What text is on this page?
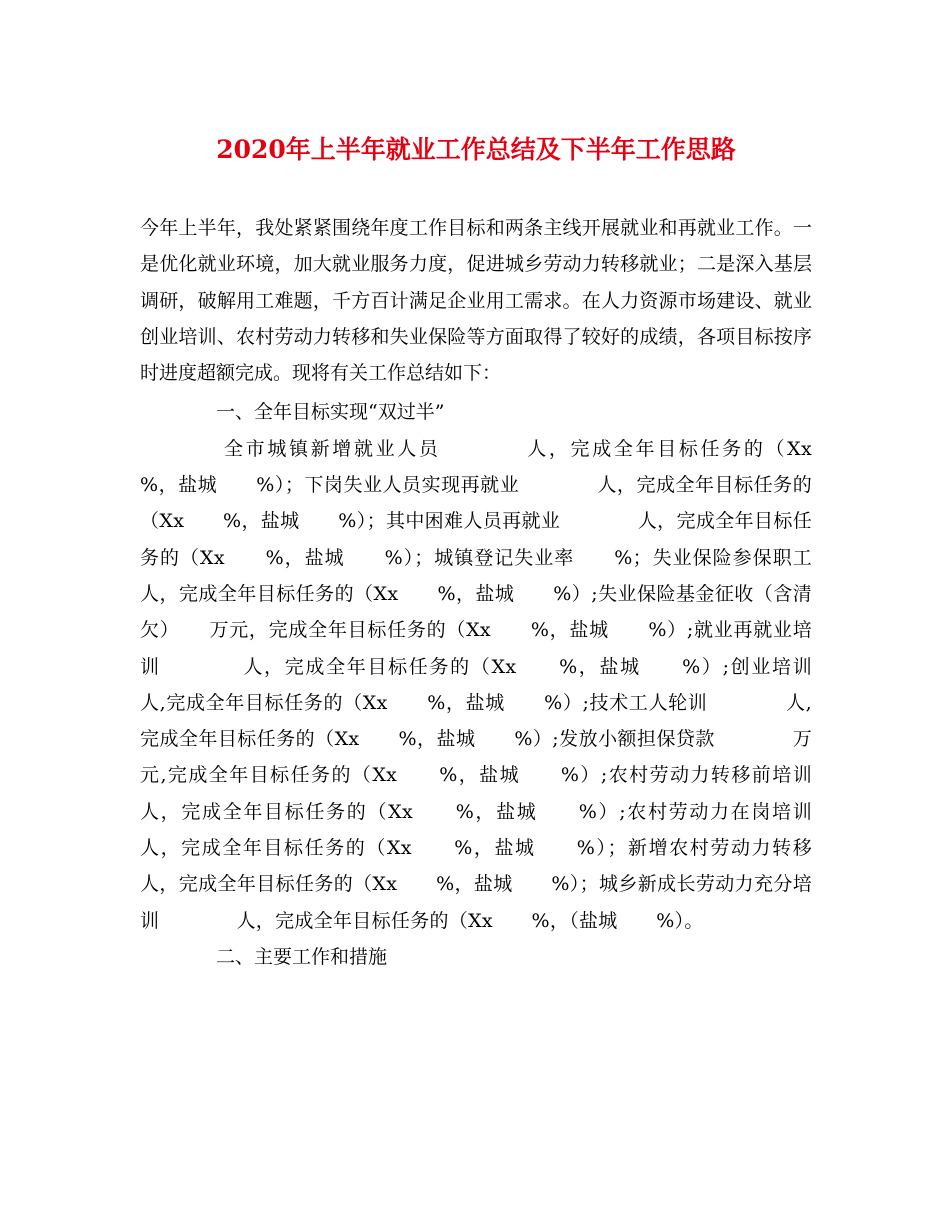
2020年上半年就业工作总结及下半年工作思路

今年上半年，我处紧紧围绕年度工作目标和两条主线开展就业和再就业工作。一是优化就业环境，加大就业服务力度，促进城乡劳动力转移就业；二是深入基层调研，破解用工难题，千方百计满足企业用工需求。在人力资源市场建设、就业创业培训、农村劳动力转移和失业保险等方面取得了较好的成绩，各项目标按序时进度超额完成。现将有关工作总结如下：

一、全年目标实现“双过半”

全市城镇新增就业人员　　　　人，完成全年目标任务的（Xx　　%，盐城　　%）；下岗失业人员实现再就业　　　　人，完成全年目标任务的（Xx　　%，盐城　　%）；其中困难人员再就业　　　　人，完成全年目标任务的（Xx　　%，盐城　　%）；城镇登记失业率　　%；失业保险参保职工　　人，完成全年目标任务的（Xx　　%，盐城　　%）;失业保险基金征收（含清欠）　　万元，完成全年目标任务的（Xx　　%，盐城　　%）;就业再就业培训　　　　人，完成全年目标任务的（Xx　　%，盐城　　%）;创业培训　　人,完成全年目标任务的（Xx　　%，盐城　　%）;技术工人轮训　　　　人,完成全年目标任务的（Xx　　%，盐城　　%）;发放小额担保贷款　　　　万元,完成全年目标任务的（Xx　　%，盐城　　%）;农村劳动力转移前培训　　　　人，完成全年目标任务的（Xx　　%，盐城　　%）;农村劳动力在岗培训　　　　人，完成全年目标任务的（Xx　　%，盐城　　%）；新增农村劳动力转移　　　　人，完成全年目标任务的（Xx　　%，盐城　　%）；城乡新成长劳动力充分培训　　　　人，完成全年目标任务的（Xx　　%，（盐城　　%）。

二、主要工作和措施
